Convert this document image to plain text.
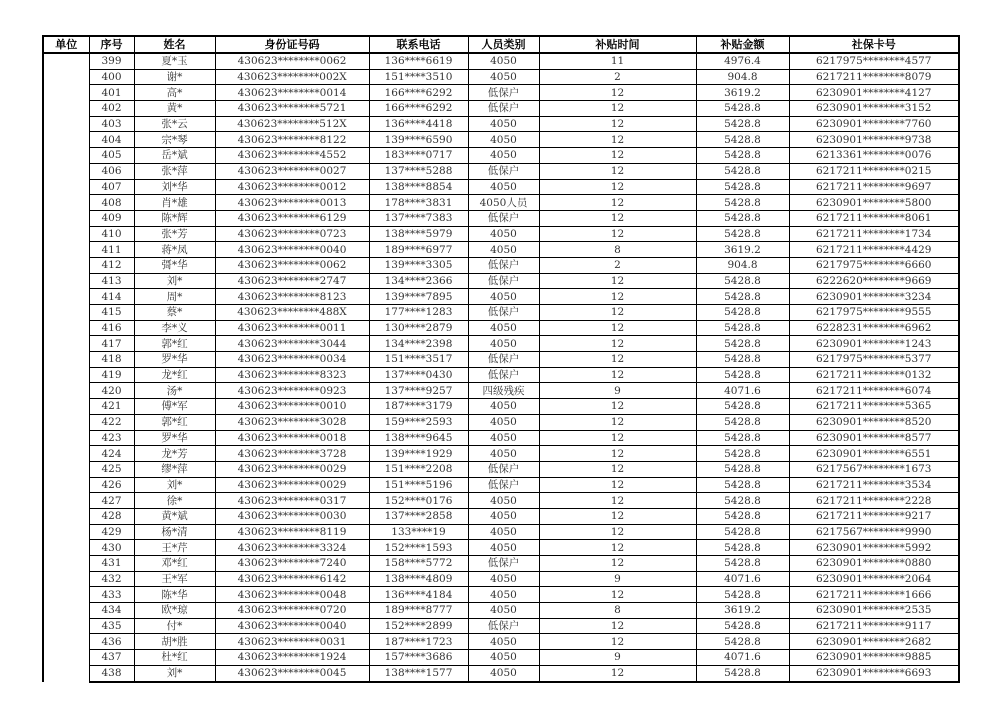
单位	序号	姓名	身份证号码	联系电话	人员类别	补贴时间	补贴金额	社保卡号
	399	夏*玉	430623********0062	136****6619	4050	11	4976.4	6217975********4577
	400	谢*	430623********002X	151****3510	4050	2	904.8	6217211********8079
	401	高*	430623********0014	166****6292	低保户	12	3619.2	6230901********4127
	402	黄*	430623********5721	166****6292	低保户	12	5428.8	6230901********3152
	403	张*云	430623********512X	136****4418	4050	12	5428.8	6230901********7760
	404	宗*琴	430623********8122	139****6590	4050	12	5428.8	6230901********9738
	405	岳*斌	430623********4552	183****0717	4050	12	5428.8	6213361********0076
	406	张*萍	430623********0027	137****5288	低保户	12	5428.8	6217211********0215
	407	刘*华	430623********0012	138****8854	4050	12	5428.8	6217211********9697
	408	肖*雄	430623********0013	178****3831	4050人员	12	5428.8	6230901********5800
	409	陈*辉	430623********6129	137****7383	低保户	12	5428.8	6217211********8061
	410	张*芳	430623********0723	138****5979	4050	12	5428.8	6217211********1734
	411	蒋*凤	430623********0040	189****6977	4050	8	3619.2	6217211********4429
	412	彁*华	430623********0062	139****3305	低保户	2	904.8	6217975********6660
	413	刘*	430623********2747	134****2366	低保户	12	5428.8	6222620********9669
	414	周*	430623********8123	139****7895	4050	12	5428.8	6230901********3234
	415	蔡*	430623********488X	177****1283	低保户	12	5428.8	6217975********9555
	416	李*义	430623********0011	130****2879	4050	12	5428.8	6228231********6962
	417	郭*红	430623********3044	134****2398	4050	12	5428.8	6230901********1243
	418	罗*华	430623********0034	151****3517	低保户	12	5428.8	6217975********5377
	419	龙*红	430623********8323	137****0430	低保户	12	5428.8	6217211********0132
	420	汤*	430623********0923	137****9257	四级残疾	9	4071.6	6217211********6074
	421	傅*军	430623********0010	187****3179	4050	12	5428.8	6217211********5365
	422	郭*红	430623********3028	159****2593	4050	12	5428.8	6230901********8520
	423	罗*华	430623********0018	138****9645	4050	12	5428.8	6230901********8577
	424	龙*芳	430623********3728	139****1929	4050	12	5428.8	6230901********6551
	425	缪*萍	430623********0029	151****2208	低保户	12	5428.8	6217567********1673
	426	刘*	430623********0029	151****5196	低保户	12	5428.8	6217211********3534
	427	徐*	430623********0317	152****0176	4050	12	5428.8	6217211********2228
	428	黄*斌	430623********0030	137****2858	4050	12	5428.8	6217211********9217
	429	杨*清	430623********8119	133****19	4050	12	5428.8	6217567********9990
	430	王*芹	430623********3324	152****1593	4050	12	5428.8	6230901********5992
	431	邓*红	430623********7240	158****5772	低保户	12	5428.8	6230901********0880
	432	王*军	430623********6142	138****4809	4050	9	4071.6	6230901********2064
	433	陈*华	430623********0048	136****4184	4050	12	5428.8	6217211********1666
	434	欧*琼	430623********0720	189****8777	4050	8	3619.2	6230901********2535
	435	付*	430623********0040	152****2899	低保户	12	5428.8	6217211********9117
	436	胡*胜	430623********0031	187****1723	4050	12	5428.8	6230901********2682
	437	杜*红	430623********1924	157****3686	4050	9	4071.6	6230901********9885
	438	刘*	430623********0045	138****1577	4050	12	5428.8	6230901********6693
